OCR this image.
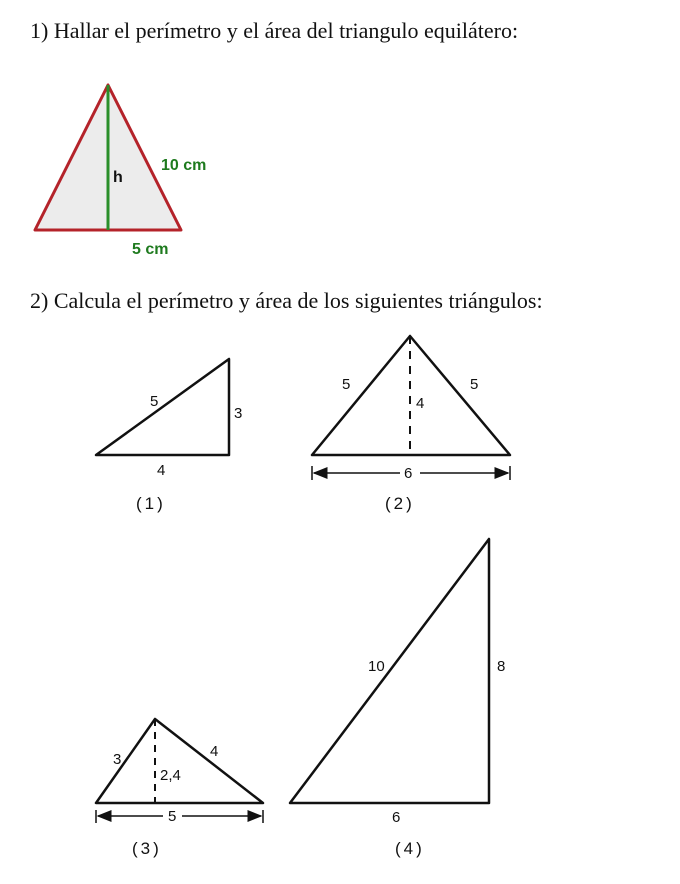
1) Hallar el perímetro y el área del triangulo equilátero:
h
10 cm
5 cm
5
3
4
(1)
5	5
4
6
(2)
3	4
2,4
5
(3)
10	8
6
(4)
2) Calcula el perímetro y área de los siguientes triángulos:
